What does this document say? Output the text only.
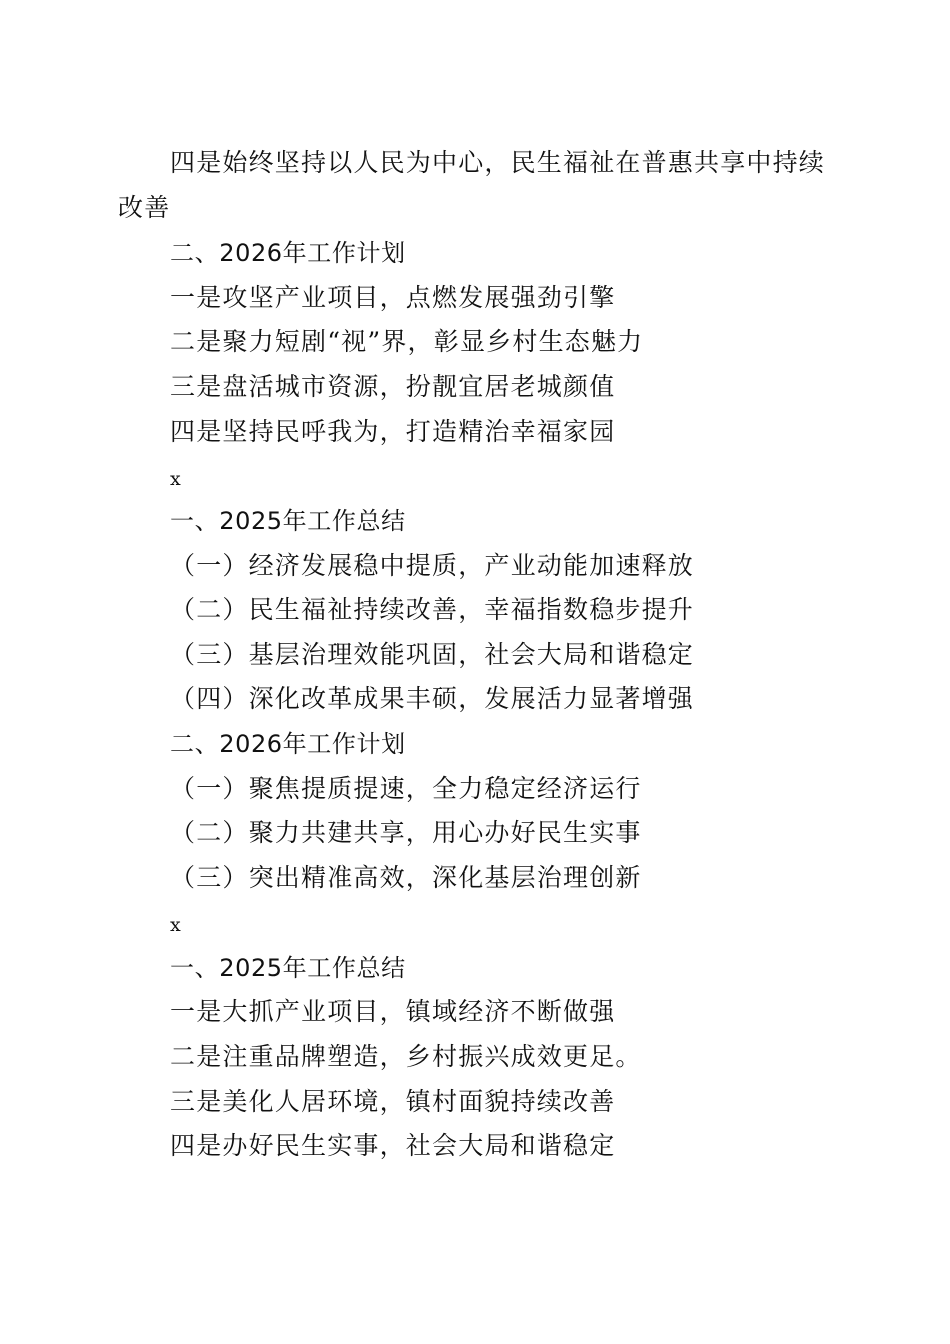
四是始终坚持以人民为中心，民生福祉在普惠共享中持续
改善
二、2026年工作计划
一是攻坚产业项目，点燃发展强劲引擎
二是聚力短剧“视”界，彰显乡村生态魅力
三是盘活城市资源，扮靓宜居老城颜值
四是坚持民呼我为，打造精治幸福家园
x
一、2025年工作总结
（一）经济发展稳中提质，产业动能加速释放
（二）民生福祉持续改善，幸福指数稳步提升
（三）基层治理效能巩固，社会大局和谐稳定
（四）深化改革成果丰硕，发展活力显著增强
二、2026年工作计划
（一）聚焦提质提速，全力稳定经济运行
（二）聚力共建共享，用心办好民生实事
（三）突出精准高效，深化基层治理创新
x
一、2025年工作总结
一是大抓产业项目，镇域经济不断做强
二是注重品牌塑造，乡村振兴成效更足。
三是美化人居环境，镇村面貌持续改善
四是办好民生实事，社会大局和谐稳定
